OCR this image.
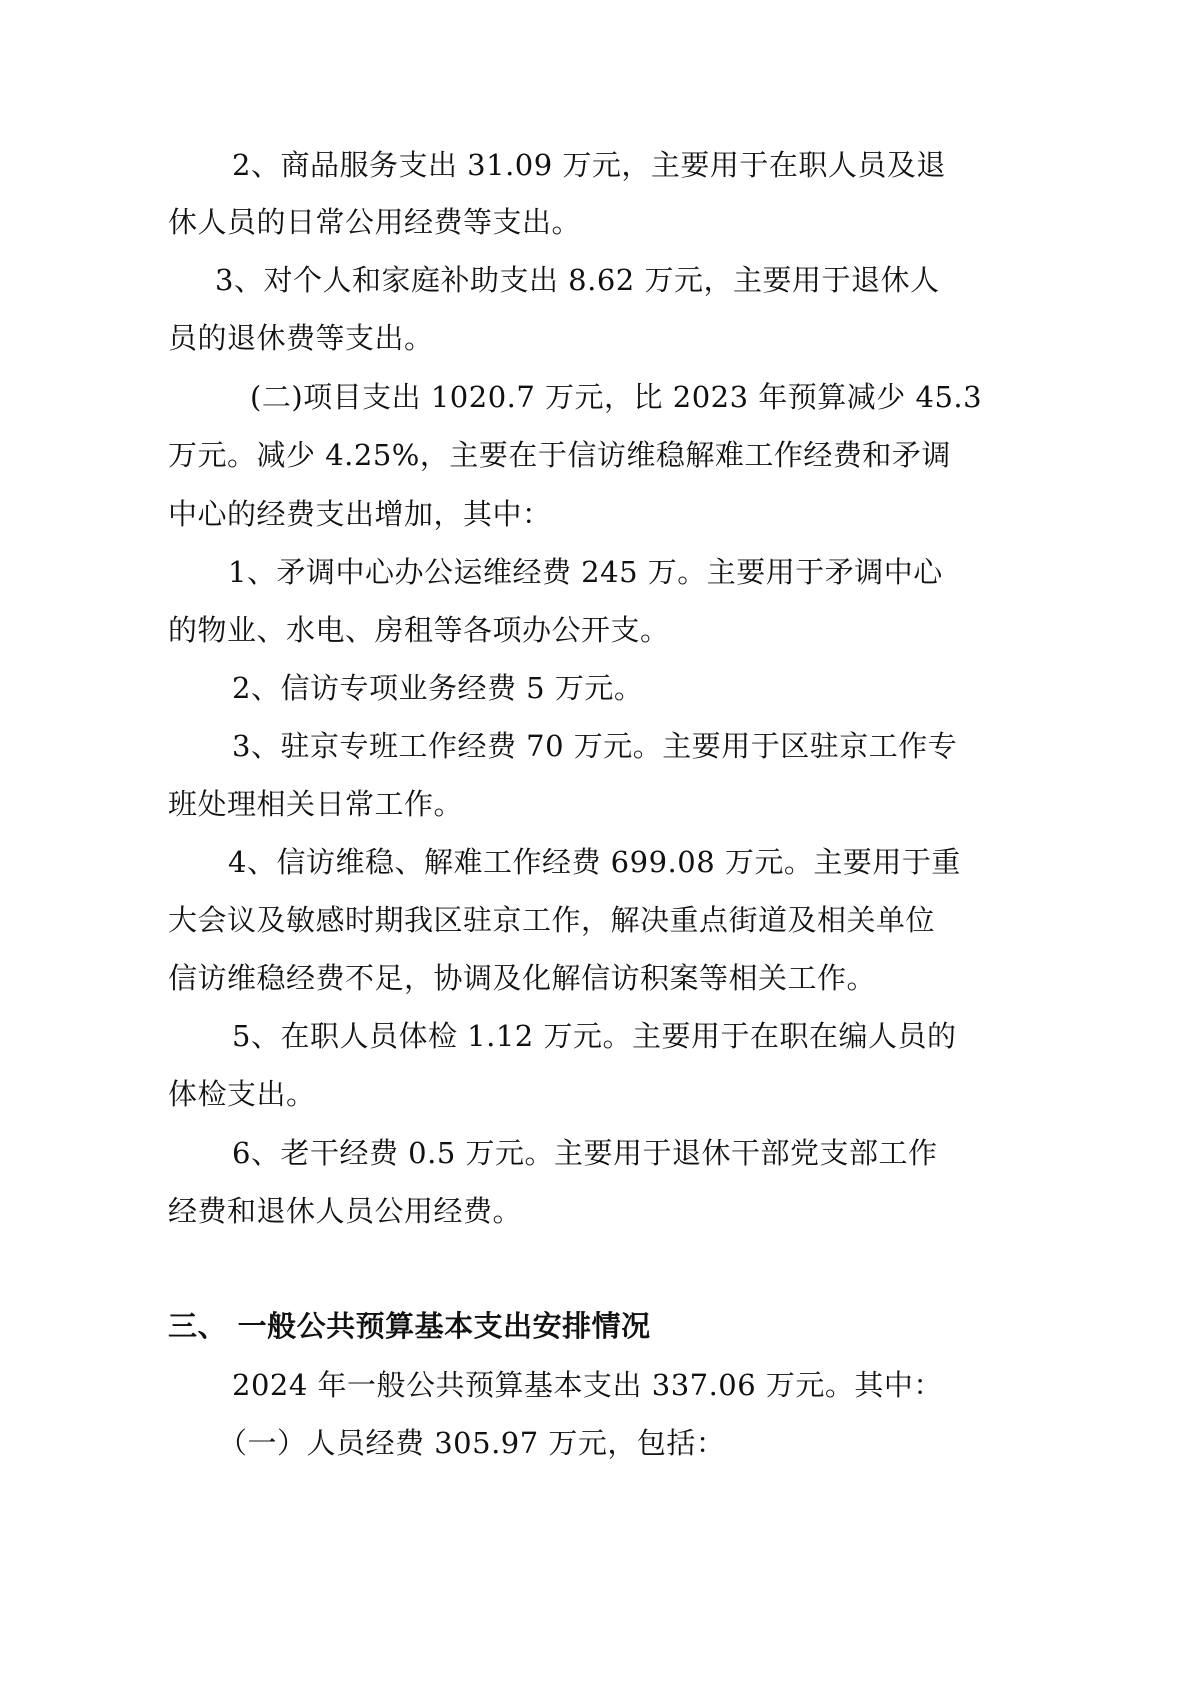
2、商品服务支出 31.09 万元，主要用于在职人员及退
休人员的日常公用经费等支出。
3、对个人和家庭补助支出 8.62 万元，主要用于退休人
员的退休费等支出。
(二)项目支出 1020.7 万元，比 2023 年预算减少 45.3
万元。减少 4.25%，主要在于信访维稳解难工作经费和矛调
中心的经费支出增加，其中：
1、矛调中心办公运维经费 245 万。主要用于矛调中心
的物业、水电、房租等各项办公开支。
2、信访专项业务经费 5 万元。
3、驻京专班工作经费 70 万元。主要用于区驻京工作专
班处理相关日常工作。
4、信访维稳、解难工作经费 699.08 万元。主要用于重
大会议及敏感时期我区驻京工作，解决重点街道及相关单位
信访维稳经费不足，协调及化解信访积案等相关工作。
5、在职人员体检 1.12 万元。主要用于在职在编人员的
体检支出。
6、老干经费 0.5 万元。主要用于退休干部党支部工作
经费和退休人员公用经费。
三、 一般公共预算基本支出安排情况
2024 年一般公共预算基本支出 337.06 万元。其中：
（一）人员经费 305.97 万元，包括：
